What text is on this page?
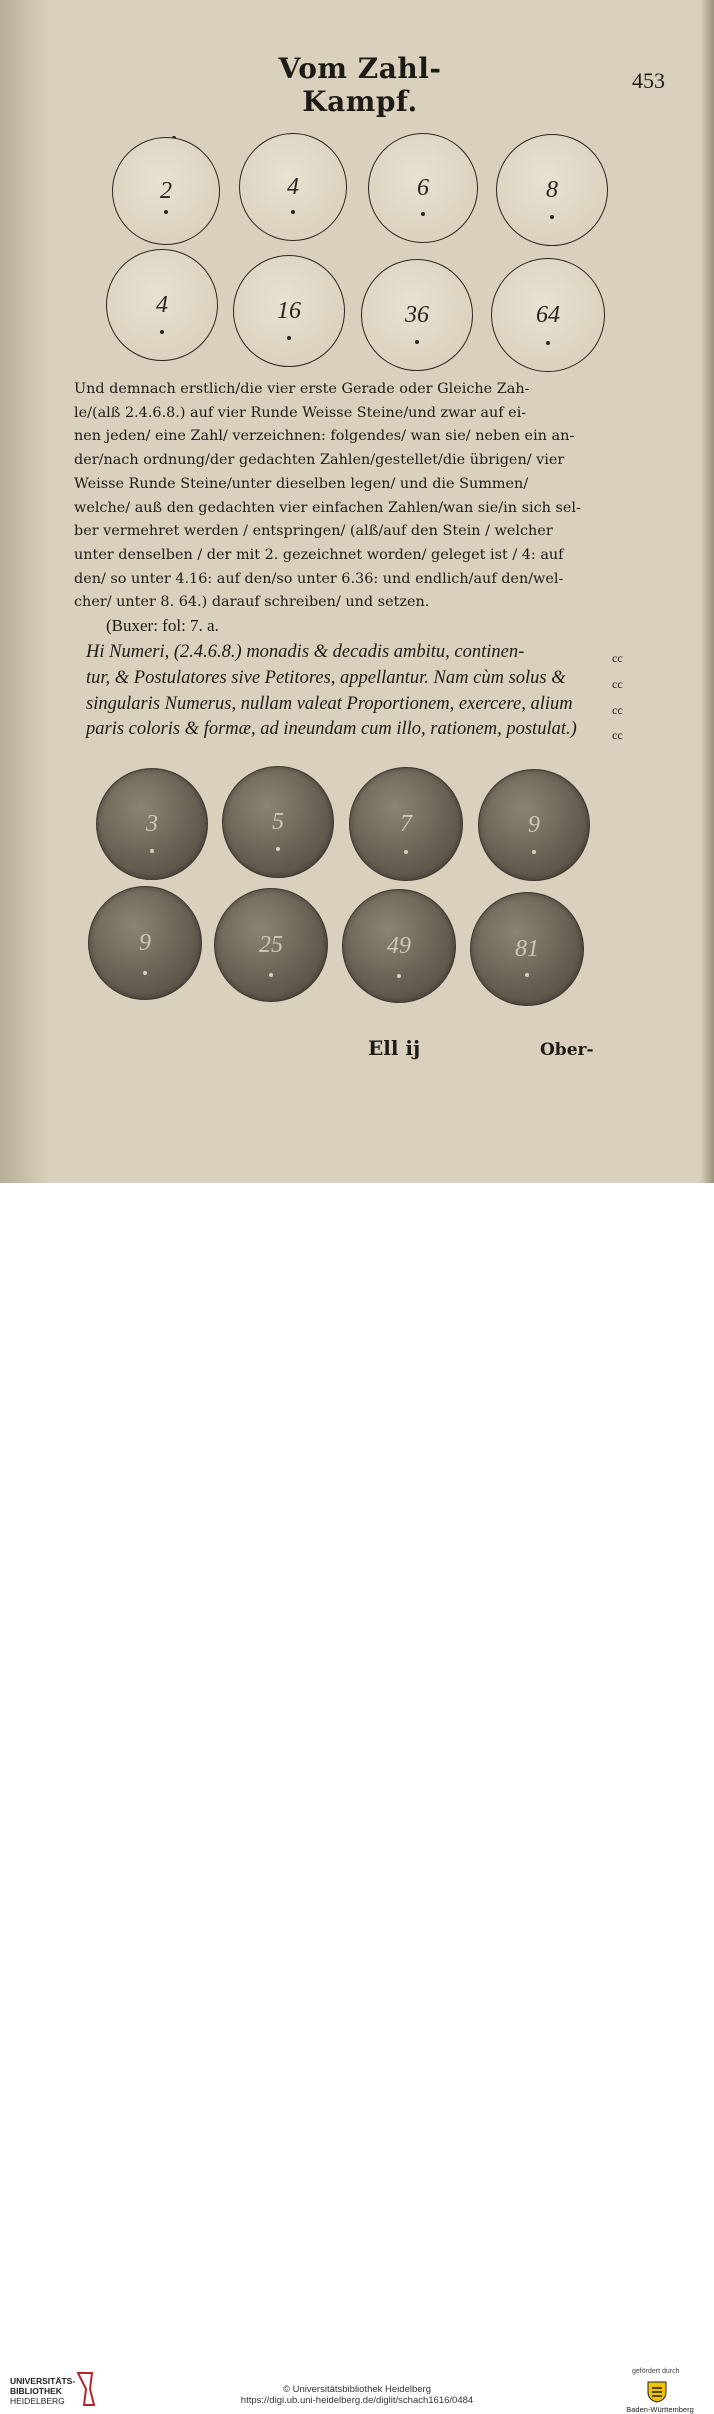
Vom Zahl-Kampf.
453
2	4	6	8
4	16	36	64
Und demnach erstlich/die vier erste Gerade oder Gleiche Zah-
le/(alß 2.4.6.8.) auf vier Runde Weisse Steine/und zwar auf ei-
nen jeden/ eine Zahl/ verzeichnen: folgendes/ wan sie/ neben ein an-
der/nach ordnung/der gedachten Zahlen/gestellet/die übrigen/ vier
Weisse Runde Steine/unter dieselben legen/ und die Summen/
welche/ auß den gedachten vier einfachen Zahlen/wan sie/in sich sel-
ber vermehret werden / entspringen/ (alß/auf den Stein / welcher
unter denselben / der mit 2. gezeichnet worden/ geleget ist / 4: auf
den/ so unter 4.16: auf den/so unter 6.36: und endlich/auf den/wel-
cher/ unter 8. 64.) darauf schreiben/ und setzen.
(Buxer: fol: 7. a.
Hi Numeri, (2.4.6.8.) monadis & decadis ambitu, continen-
tur, & Postulatores sive Petitores, appellantur. Nam cùm solus &
singularis Numerus, nullam valeat Proportionem, exercere, alium
paris coloris & formæ, ad ineundam cum illo, rationem, postulat.)
cc
cc
cc
cc
3	5	7	9
9	25	49	81
Ell ij	Ober-
UNIVERSITÄTS-
BIBLIOTHEK
HEIDELBERG
© Universitätsbibliothek Heidelberg
https://digi.ub.uni-heidelberg.de/diglit/schach1616/0484
gefördert durch
Baden-Württemberg
